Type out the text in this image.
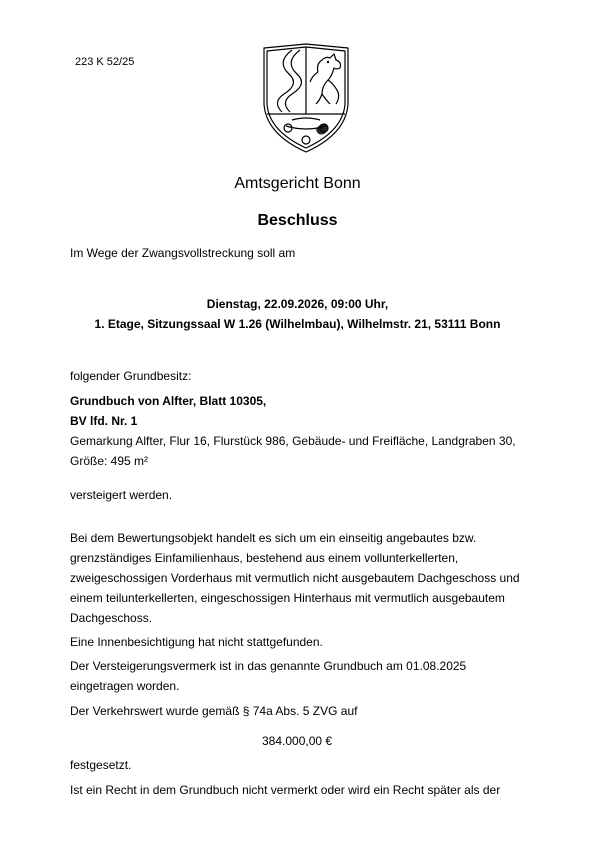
223 K 52/25
Amtsgericht Bonn
Beschluss
Im Wege der Zwangsvollstreckung soll am
Dienstag, 22.09.2026, 09:00 Uhr,
1. Etage, Sitzungssaal W 1.26 (Wilhelmbau), Wilhelmstr. 21, 53111 Bonn
folgender Grundbesitz:
Grundbuch von Alfter, Blatt 10305,
BV lfd. Nr. 1
Gemarkung Alfter, Flur 16, Flurstück 986, Gebäude- und Freifläche, Landgraben 30,
Größe: 495 m²
versteigert werden.
Bei dem Bewertungsobjekt handelt es sich um ein einseitig angebautes bzw.
grenzständiges Einfamilienhaus, bestehend aus einem vollunterkellerten,
zweigeschossigen Vorderhaus mit vermutlich nicht ausgebautem Dachgeschoss und
einem teilunterkellerten, eingeschossigen Hinterhaus mit vermutlich ausgebautem
Dachgeschoss.
Eine Innenbesichtigung hat nicht stattgefunden.
Der Versteigerungsvermerk ist in das genannte Grundbuch am 01.08.2025
eingetragen worden.
Der Verkehrswert wurde gemäß § 74a Abs. 5 ZVG auf
384.000,00 €
festgesetzt.
Ist ein Recht in dem Grundbuch nicht vermerkt oder wird ein Recht später als der
